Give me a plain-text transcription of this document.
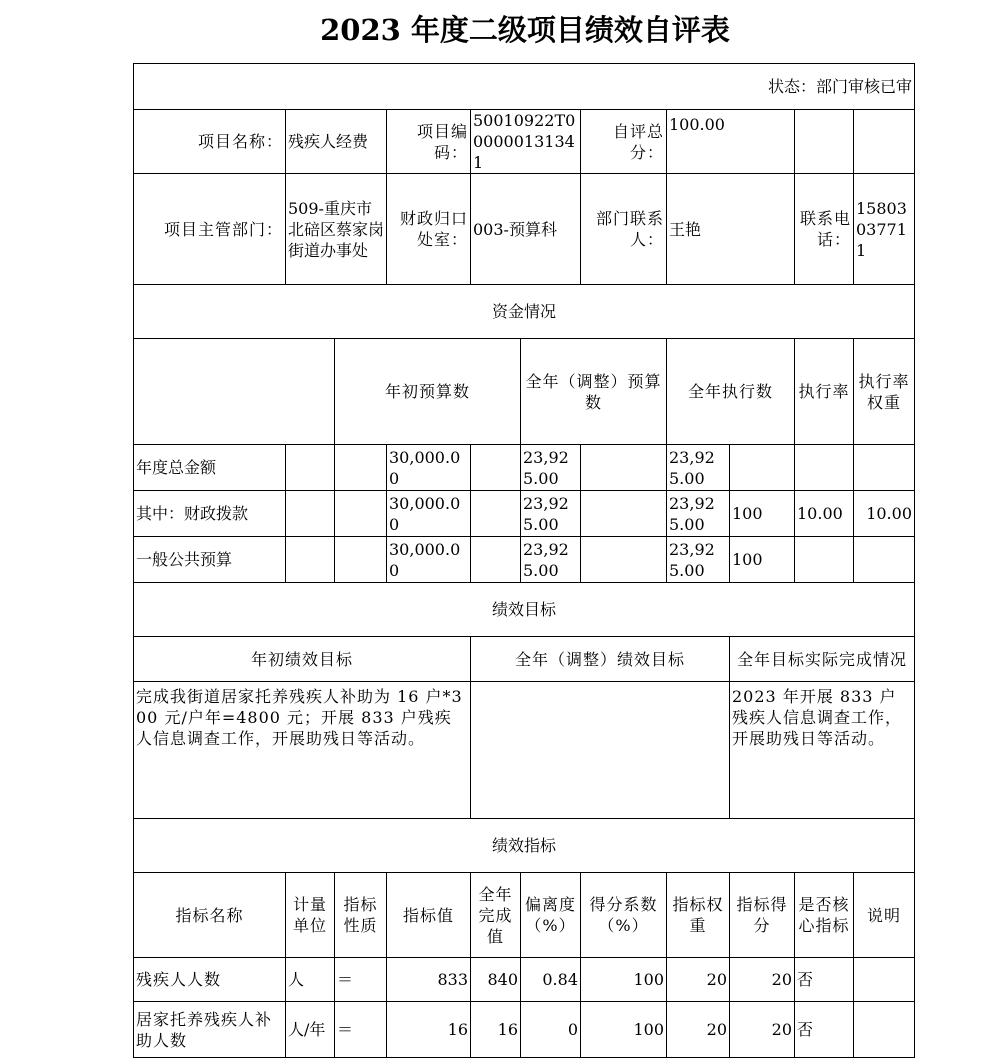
2023 年度二级项目绩效自评表
状态：部门审核已审											
项目名称：	残疾人经费		项目编码：	50010922T000000131341		自评总分：	100.00				
项目主管部门：	509-重庆市北碚区蔡家岗街道办事处		财政归口处室：	003-预算科		部门联系人：	王艳		联系电话：	15803037711	
资金情况											
		年初预算数			全年（调整）预算数		全年执行数		执行率	执行率权重	
年度总金额			30,000.00		23,925.00		23,925.00				
其中：财政拨款			30,000.00		23,925.00		23,925.00	100	10.00	10.00	
一般公共预算			30,000.00		23,925.00		23,925.00	100			
绩效目标											
年初绩效目标				全年（调整）绩效目标				全年目标实际完成情况			
完成我街道居家托养残疾人补助为 16 户*300 元/户年=4800 元；开展 833 户残疾人信息调查工作，开展助残日等活动。								2023 年开展 833 户残疾人信息调查工作，开展助残日等活动。			
绩效指标											
指标名称	计量单位	指标性质	指标值	全年完成值	偏离度（%）	得分系数（%）	指标权重	指标得分	是否核心指标	说明	
残疾人人数	人	＝	833	840	0.84	100	20	20	否		
居家托养残疾人补助人数	人/年	＝	16	16	0	100	20	20	否		
